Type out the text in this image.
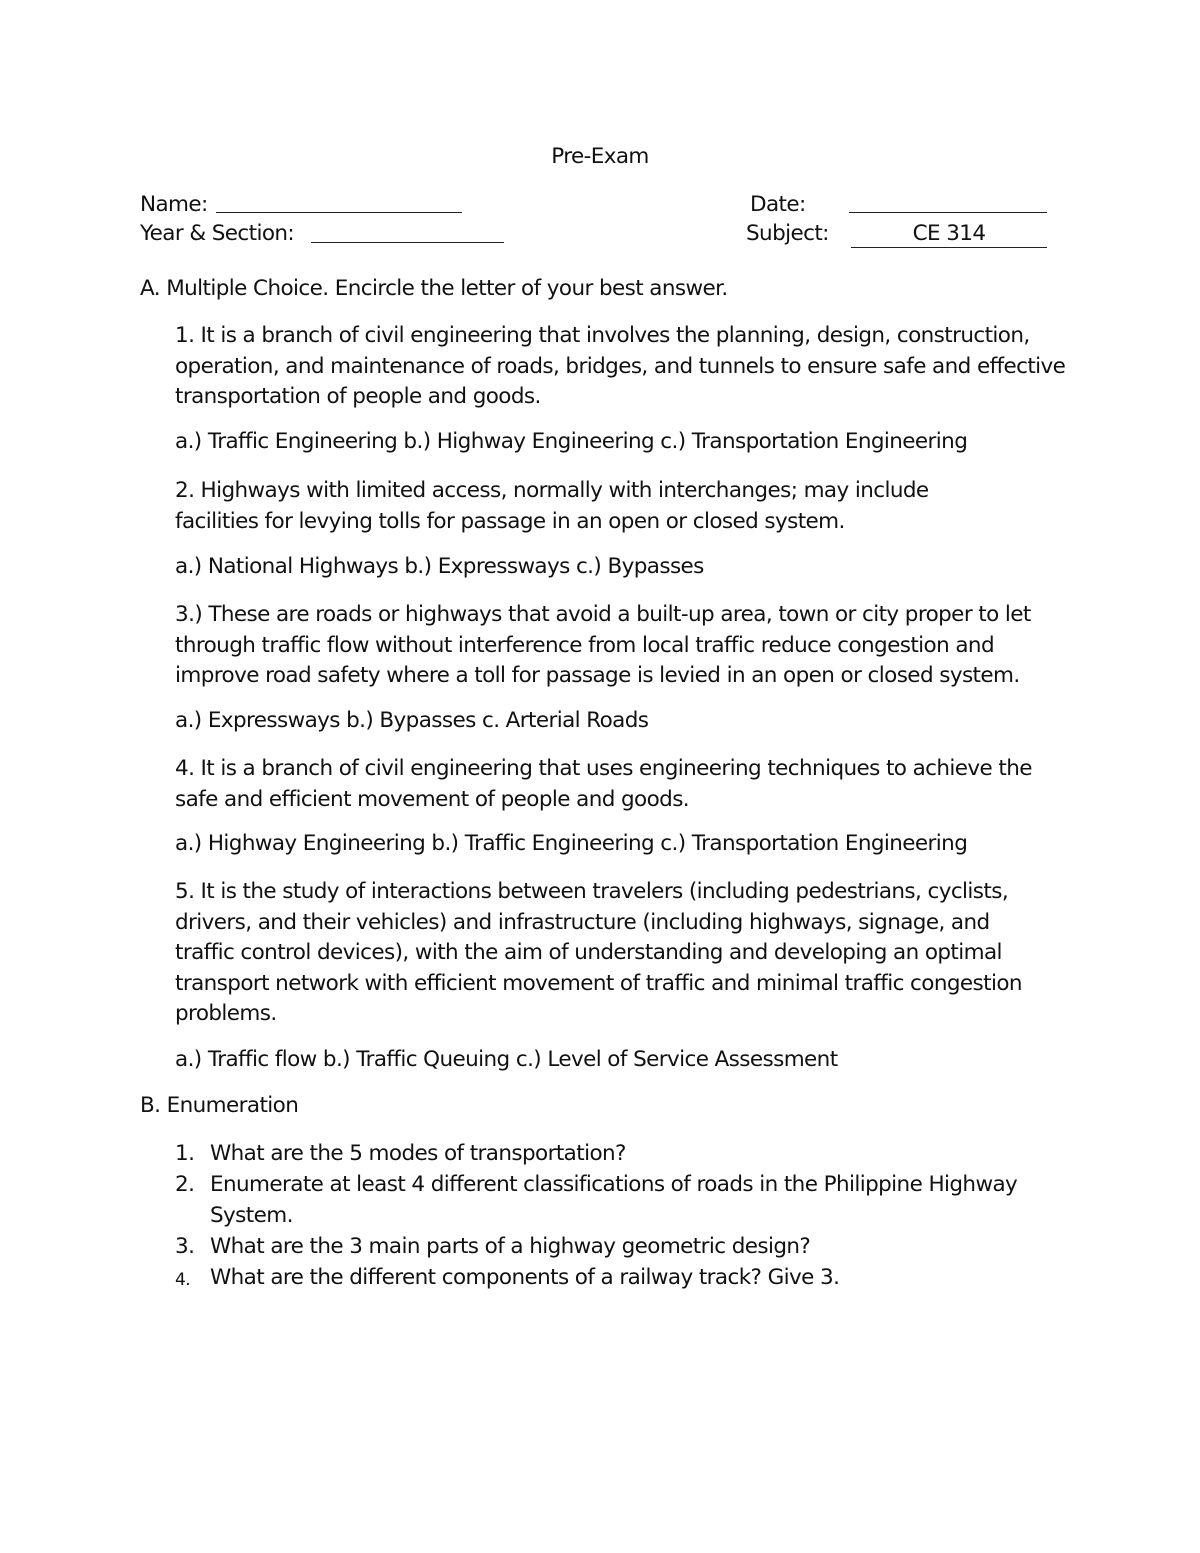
Pre-Exam
Name:	Date:
Year & Section:	Subject:	CE 314
A. Multiple Choice. Encircle the letter of your best answer.
1. It is a branch of civil engineering that involves the planning, design, construction, operation, and maintenance of roads, bridges, and tunnels to ensure safe and effective transportation of people and goods.
a.) Traffic Engineering b.) Highway Engineering c.) Transportation Engineering
2. Highways with limited access, normally with interchanges; may include facilities for levying tolls for passage in an open or closed system.
a.) National Highways b.) Expressways c.) Bypasses
3.) These are roads or highways that avoid a built-up area, town or city proper to let through traffic flow without interference from local traffic reduce congestion and improve road safety where a toll for passage is levied in an open or closed system.
a.) Expressways b.) Bypasses c. Arterial Roads
4. It is a branch of civil engineering that uses engineering techniques to achieve the safe and efficient movement of people and goods.
a.) Highway Engineering b.) Traffic Engineering c.) Transportation Engineering
5. It is the study of interactions between travelers (including pedestrians, cyclists, drivers, and their vehicles) and infrastructure (including highways, signage, and traffic control devices), with the aim of understanding and developing an optimal transport network with efficient movement of traffic and minimal traffic congestion problems.
a.) Traffic flow b.) Traffic Queuing c.) Level of Service Assessment
B. Enumeration
1. What are the 5 modes of transportation?
2. Enumerate at least 4 different classifications of roads in the Philippine Highway System.
3. What are the 3 main parts of a highway geometric design?
4. What are the different components of a railway track? Give 3.
